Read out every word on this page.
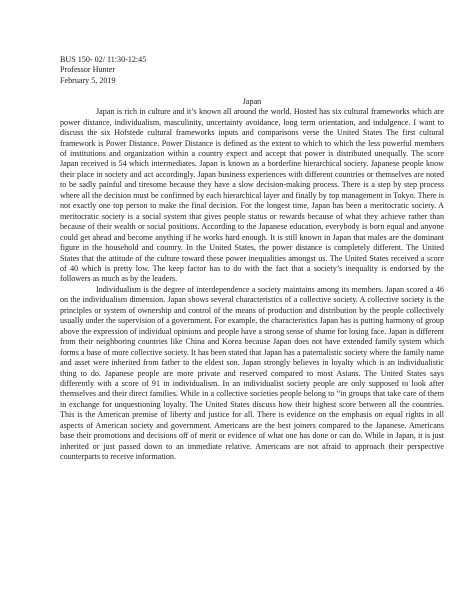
BUS 150- 02/ 11:30-12:45
Professor Hunter
February 5, 2019
Japan

Japan is rich in culture and it’s known all around the world. Hosted has six cultural frameworks which are power distance, individualism, masculinity, uncertainty avoidance, long term orientation, and indulgence. I want to discuss the six Hofstede cultural frameworks inputs and comparisons verse the United States The first cultural framework is Power Distance. Power Distance is defined as the extent to which to which the less powerful members of institutions and organization within a country expect and accept that power is distributed unequally. The score Japan received is 54 which intermediates. Japan is known as a borderline hierarchical society. Japanese people know their place in society and act accordingly. Japan business experiences with different countries or themselves are noted to be sadly painful and tiresome because they have a slow decision-making process. There is a step by step process where all the decision must be confirmed by each hierarchical layer and finally by top management in Tokyo. There is not exactly one top person to make the final decision. For the longest time, Japan has been a meritocratic society. A meritocratic society is a social system that gives people status or rewards because of what they achieve rather than because of their wealth or social positions. According to the Japanese education, everybody is born equal and anyone could get ahead and become anything if he works hard enough. It is still known in Japan that males are the dominant figure in the household and country. In the United States, the power distance is completely different. The United States that the attitude of the culture toward these power inequalities amongst us. The United States received a score of 40 which is pretty low. The keep factor has to do with the fact that a society’s inequality is endorsed by the followers as much as by the leaders.

Individualism is the degree of interdependence a society maintains among its members. Japan scored a 46 on the individualism dimension. Japan shows several characteristics of a collective society. A collective society is the principles or system of ownership and control of the means of production and distribution by the people collectively usually under the supervision of a government. For example, the characteristics Japan has is putting harmony of group above the expression of individual opinions and people have a strong sense of shame for losing face. Japan is different from their neighboring countries like China and Korea because Japan does not have extended family system which forms a base of more collective society. It has been stated that Japan has a paternalistic society where the family name and asset were inherited from father to the eldest son. Japan strongly believes in loyalty which is an individualistic thing to do. Japanese people are more private and reserved compared to most Asians. The United States says differently with a score of 91 in individualism. In an individualist society people are only supposed to look after themselves and their direct families. While in a collective societies people belong to “in groups that take care of them in exchange for unquestioning loyalty. The United States discuss how their highest score between all the countries. This is the American premise of liberty and justice for all. There is evidence on the emphasis on equal rights in all aspects of American society and government. Americans are the best joiners compared to the Japanese. Americans base their promotions and decisions off of merit or evidence of what one has done or can do. While in Japan, it is just inherited or just passed down to an immediate relative. Americans are not afraid to approach their perspective counterparts to receive information.
